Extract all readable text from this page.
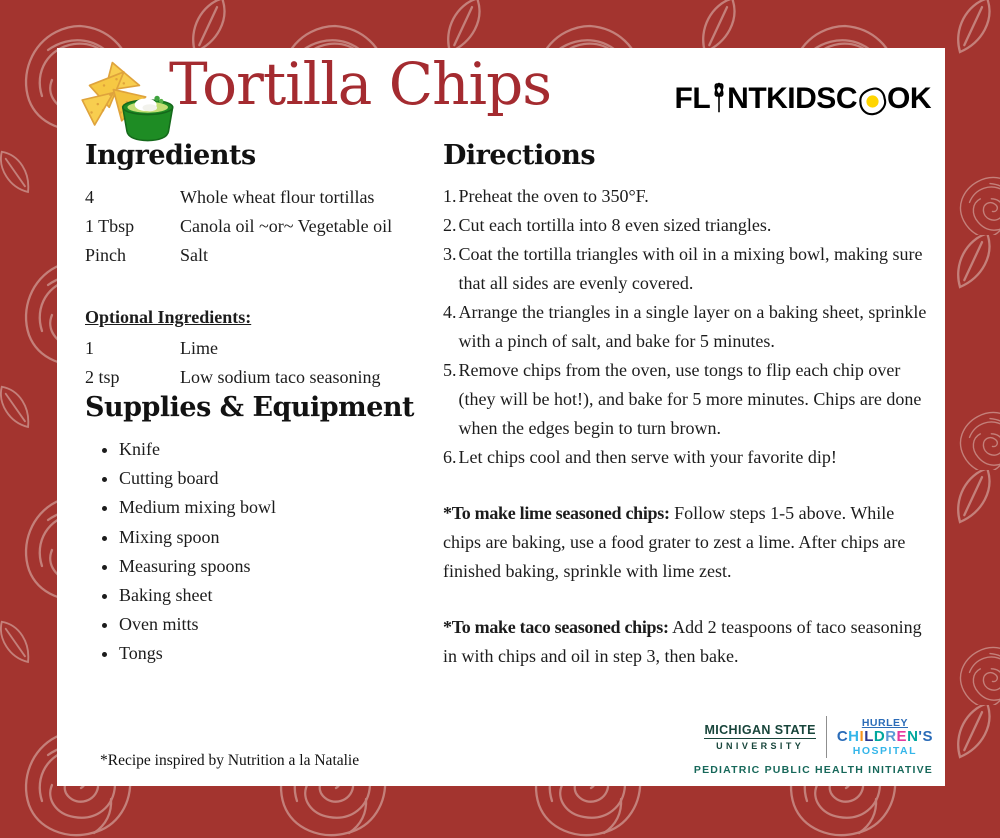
Tortilla Chips	FL NTKIDSC OK
Ingredients
4	Whole wheat flour tortillas
1 Tbsp	Canola oil ~or~ Vegetable oil
Pinch	Salt
Optional Ingredients:
1	Lime
2 tsp	Low sodium taco seasoning
Supplies & Equipment
• Knife
• Cutting board
• Medium mixing bowl
• Mixing spoon
• Measuring spoons
• Baking sheet
• Oven mitts
• Tongs
Directions
1. Preheat the oven to 350°F.
2. Cut each tortilla into 8 even sized triangles.
3. Coat the tortilla triangles with oil in a mixing bowl, making sure that all sides are evenly covered.
4. Arrange the triangles in a single layer on a baking sheet, sprinkle with a pinch of salt, and bake for 5 minutes.
5. Remove chips from the oven, use tongs to flip each chip over (they will be hot!), and bake for 5 more minutes. Chips are done when the edges begin to turn brown.
6. Let chips cool and then serve with your favorite dip!
*To make lime seasoned chips: Follow steps 1-5 above. While chips are baking, use a food grater to zest a lime. After chips are finished baking, sprinkle with lime zest.
*To make taco seasoned chips: Add 2 teaspoons of taco seasoning in with chips and oil in step 3, then bake.
*Recipe inspired by Nutrition a la Natalie
MICHIGAN STATE
UNIVERSITY
HURLEY
CHILDREN'S
HOSPITAL
PEDIATRIC PUBLIC HEALTH INITIATIVE
